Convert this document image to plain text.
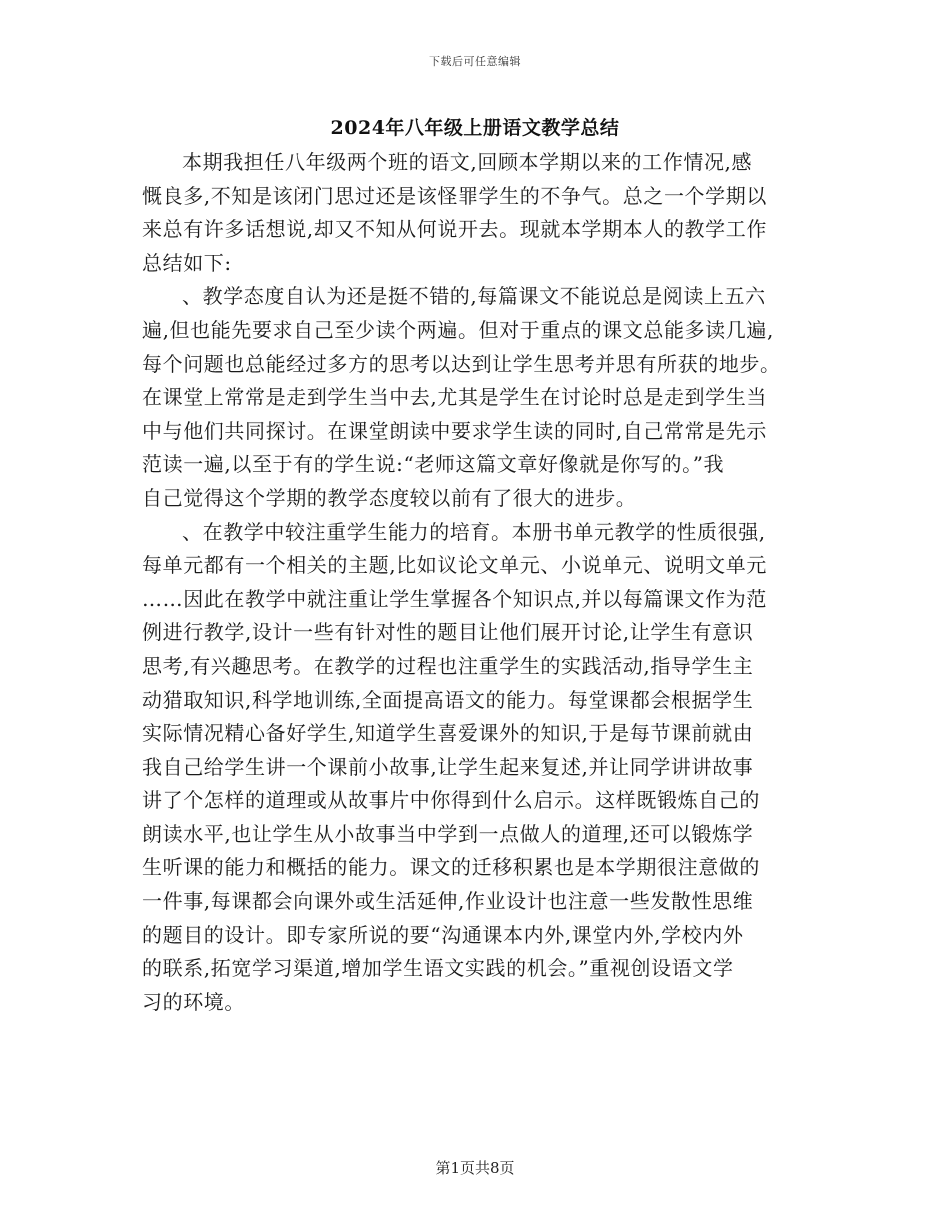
下载后可任意编辑
2024年八年级上册语文教学总结
本期我担任八年级两个班的语文,回顾本学期以来的工作情况,感
慨良多,不知是该闭门思过还是该怪罪学生的不争气。总之一个学期以
来总有许多话想说,却又不知从何说开去。现就本学期本人的教学工作
总结如下:
、教学态度自认为还是挺不错的,每篇课文不能说总是阅读上五六
遍,但也能先要求自己至少读个两遍。但对于重点的课文总能多读几遍,
每个问题也总能经过多方的思考以达到让学生思考并思有所获的地步。
在课堂上常常是走到学生当中去,尤其是学生在讨论时总是走到学生当
中与他们共同探讨。在课堂朗读中要求学生读的同时,自己常常是先示
范读一遍,以至于有的学生说:“老师这篇文章好像就是你写的。”我
自己觉得这个学期的教学态度较以前有了很大的进步。
、在教学中较注重学生能力的培育。本册书单元教学的性质很强,
每单元都有一个相关的主题,比如议论文单元、小说单元、说明文单元
……因此在教学中就注重让学生掌握各个知识点,并以每篇课文作为范
例进行教学,设计一些有针对性的题目让他们展开讨论,让学生有意识
思考,有兴趣思考。在教学的过程也注重学生的实践活动,指导学生主
动猎取知识,科学地训练,全面提高语文的能力。每堂课都会根据学生
实际情况精心备好学生,知道学生喜爱课外的知识,于是每节课前就由
我自己给学生讲一个课前小故事,让学生起来复述,并让同学讲讲故事
讲了个怎样的道理或从故事片中你得到什么启示。这样既锻炼自己的
朗读水平,也让学生从小故事当中学到一点做人的道理,还可以锻炼学
生听课的能力和概括的能力。课文的迁移积累也是本学期很注意做的
一件事,每课都会向课外或生活延伸,作业设计也注意一些发散性思维
的题目的设计。即专家所说的要“沟通课本内外,课堂内外,学校内外
的联系,拓宽学习渠道,增加学生语文实践的机会。”重视创设语文学
习的环境。
第1页共8页
